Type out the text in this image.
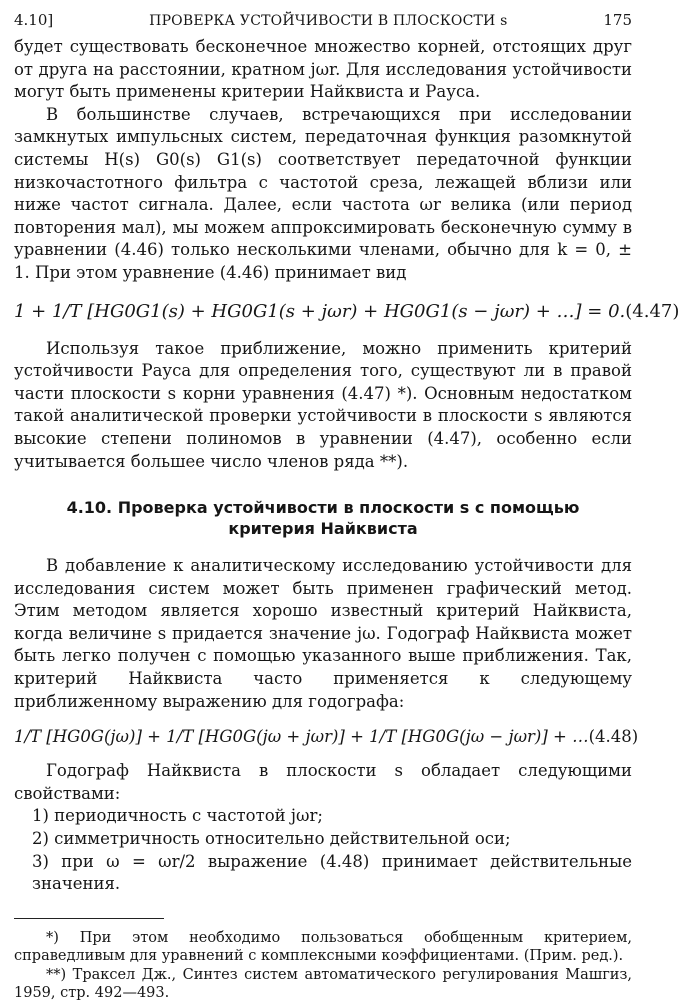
4.10]	ПРОВЕРКА УСТОЙЧИВОСТИ В ПЛОСКОСТИ s	175

будет существовать бесконечное множество корней, отстоящих друг от друга на расстоянии, кратном jωr. Для исследования устойчивости могут быть применены критерии Найквиста и Рауса.

В большинстве случаев, встречающихся при исследовании замкнутых импульсных систем, передаточная функция разомкнутой системы H(s) G0(s) G1(s) соответствует передаточной функции низкочастотного фильтра с частотой среза, лежащей вблизи или ниже частот сигнала. Далее, если частота ωr велика (или период повторения мал), мы можем аппроксимировать бесконечную сумму в уравнении (4.46) только несколькими членами, обычно для k = 0, ± 1. При этом уравнение (4.46) принимает вид

1 + 1/T [HG0G1(s) + HG0G1(s + jωr) + HG0G1(s − jωr) + …] = 0. (4.47)

Используя такое приближение, можно применить критерий устойчивости Рауса для определения того, существуют ли в правой части плоскости s корни уравнения (4.47) *). Основным недостатком такой аналитической проверки устойчивости в плоскости s являются высокие степени полиномов в уравнении (4.47), особенно если учитывается большее число членов ряда **).

4.10. Проверка устойчивости в плоскости s с помощью

критерия Найквиста

В добавление к аналитическому исследованию устойчивости для исследования систем может быть применен графический метод. Этим методом является хорошо известный критерий Найквиста, когда величине s придается значение jω. Годограф Найквиста может быть легко получен с помощью указанного выше приближения. Так, критерий Найквиста часто применяется к следующему приближенному выражению для годографа:

1/T [HG0G(jω)] + 1/T [HG0G(jω + jωr)] + 1/T [HG0G(jω − jωr)] + … (4.48)

Годограф Найквиста в плоскости s обладает следующими свойствами:

1) периодичность с частотой jωr;

2) симметричность относительно действительной оси;

3) при ω = ωr/2 выражение (4.48) принимает действительные значения.

*) При этом необходимо пользоваться обобщенным критерием, справедливым для уравнений с комплексными коэффициентами. (Прим. ред.).

**) Траксел Дж., Синтез систем автоматического регулирования Машгиз, 1959, стр. 492—493.
